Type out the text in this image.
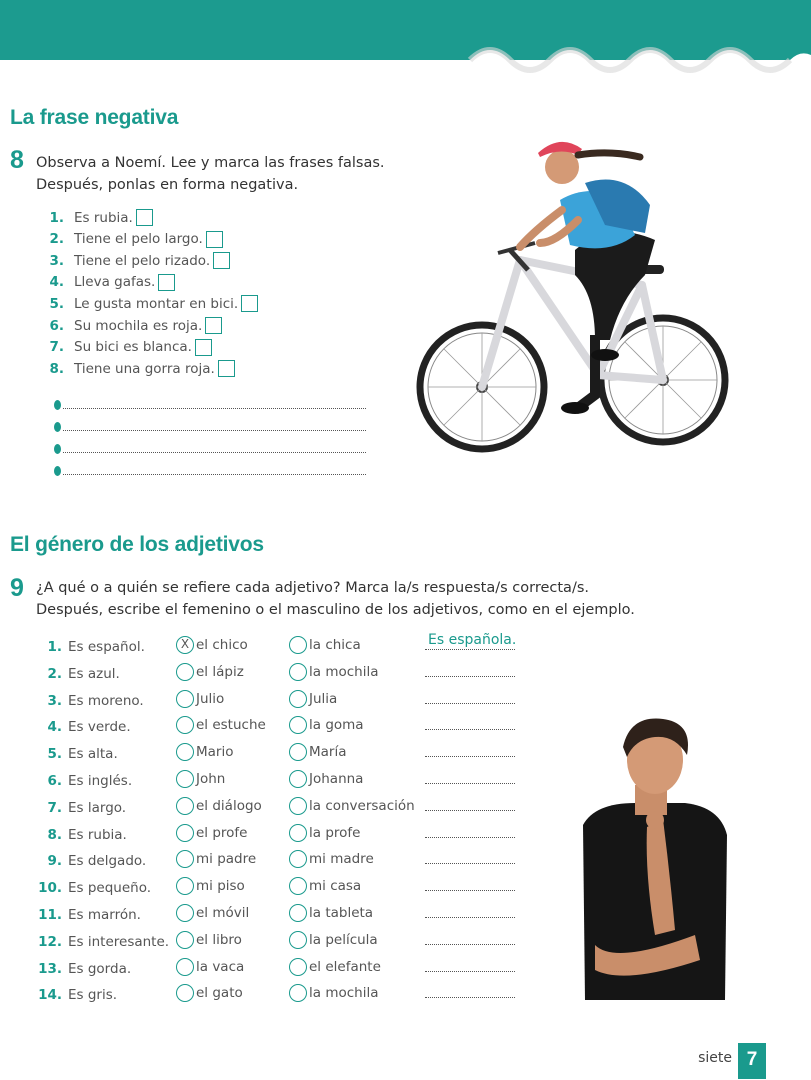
La frase negativa
8 Observa a Noemí. Lee y marca las frases falsas.
Después, ponlas en forma negativa.
1. Es rubia.
2. Tiene el pelo largo.
3. Tiene el pelo rizado.
4. Lleva gafas.
5. Le gusta montar en bici.
6. Su mochila es roja.
7. Su bici es blanca.
8. Tiene una gorra roja.
El género de los adjetivos
9 ¿A qué o a quién se refiere cada adjetivo? Marca la/s respuesta/s correcta/s.
Después, escribe el femenino o el masculino de los adjetivos, como en el ejemplo.
1. Es español.	X el chico	la chica	Es española.
2. Es azul.	el lápiz	la mochila
3. Es moreno.	Julio	Julia
4. Es verde.	el estuche	la goma
5. Es alta.	Mario	María
6. Es inglés.	John	Johanna
7. Es largo.	el diálogo	la conversación
8. Es rubia.	el profe	la profe
9. Es delgado.	mi padre	mi madre
10. Es pequeño.	mi piso	mi casa
11. Es marrón.	el móvil	la tableta
12. Es interesante. el libro	la película
13. Es gorda.	la vaca	el elefante
14. Es gris.	el gato	la mochila
siete 7
